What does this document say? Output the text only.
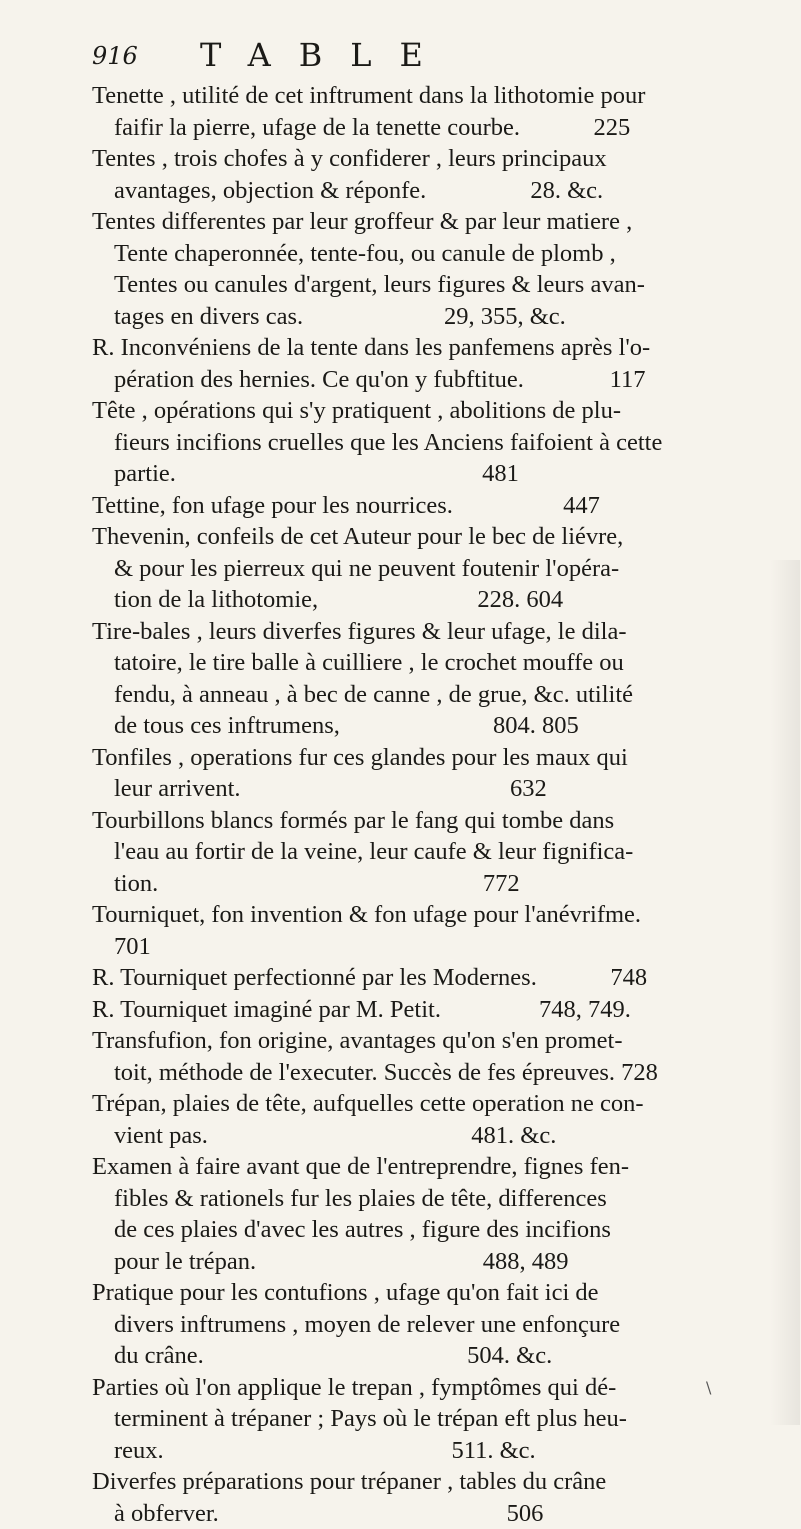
916 TABLE
Tenette , utilité de cet inftrument dans la lithotomie pour
faifir la pierre, ufage de la tenette courbe.            225
Tentes , trois chofes à y confiderer , leurs principaux
avantages, objection & réponfe.                 28. &c.
Tentes differentes par leur groffeur & par leur matiere ,
Tente chaperonnée, tente-fou, ou canule de plomb ,
Tentes ou canules d'argent, leurs figures & leurs avan-
tages en divers cas.                       29, 355, &c.
R. Inconvéniens de la tente dans les panfemens après l'o-
pération des hernies. Ce qu'on y fubftitue.              117
Tête , opérations qui s'y pratiquent , abolitions de plu-
fieurs incifions cruelles que les Anciens faifoient à cette
partie.                                                  481
Tettine, fon ufage pour les nourrices.                  447
Thevenin, confeils de cet Auteur pour le bec de liévre,
& pour les pierreux qui ne peuvent foutenir l'opéra-
tion de la lithotomie,                          228. 604
Tire-bales , leurs diverfes figures & leur ufage, le dila-
tatoire, le tire balle à cuilliere , le crochet mouffe ou
fendu, à anneau , à bec de canne , de grue, &c. utilité
de tous ces inftrumens,                         804. 805
Tonfiles , operations fur ces glandes pour les maux qui
leur arrivent.                                            632
Tourbillons blancs formés par le fang qui tombe dans
l'eau au fortir de la veine, leur caufe & leur fignifica-
tion.                                                     772
Tourniquet, fon invention & fon ufage pour l'anévrifme.
701
R. Tourniquet perfectionné par les Modernes.            748
R. Tourniquet imaginé par M. Petit.                748, 749.
Transfufion, fon origine, avantages qu'on s'en promet-
toit, méthode de l'executer. Succès de fes épreuves. 728
Trépan, plaies de tête, aufquelles cette operation ne con-
vient pas.                                           481. &c.
Examen à faire avant que de l'entreprendre, fignes fen-
fibles & rationels fur les plaies de tête, differences
de ces plaies d'avec les autres , figure des incifions
pour le trépan.                                     488, 489
Pratique pour les contufions , ufage qu'on fait ici de
divers inftrumens , moyen de relever une enfonçure
du crâne.                                           504. &c.
Parties où l'on applique le trepan , fymptômes qui dé-
terminent à trépaner ; Pays où le trépan eft plus heu-
reux.                                               511. &c.
Diverfes préparations pour trépaner , tables du crâne
à obferver.                                               506
\
